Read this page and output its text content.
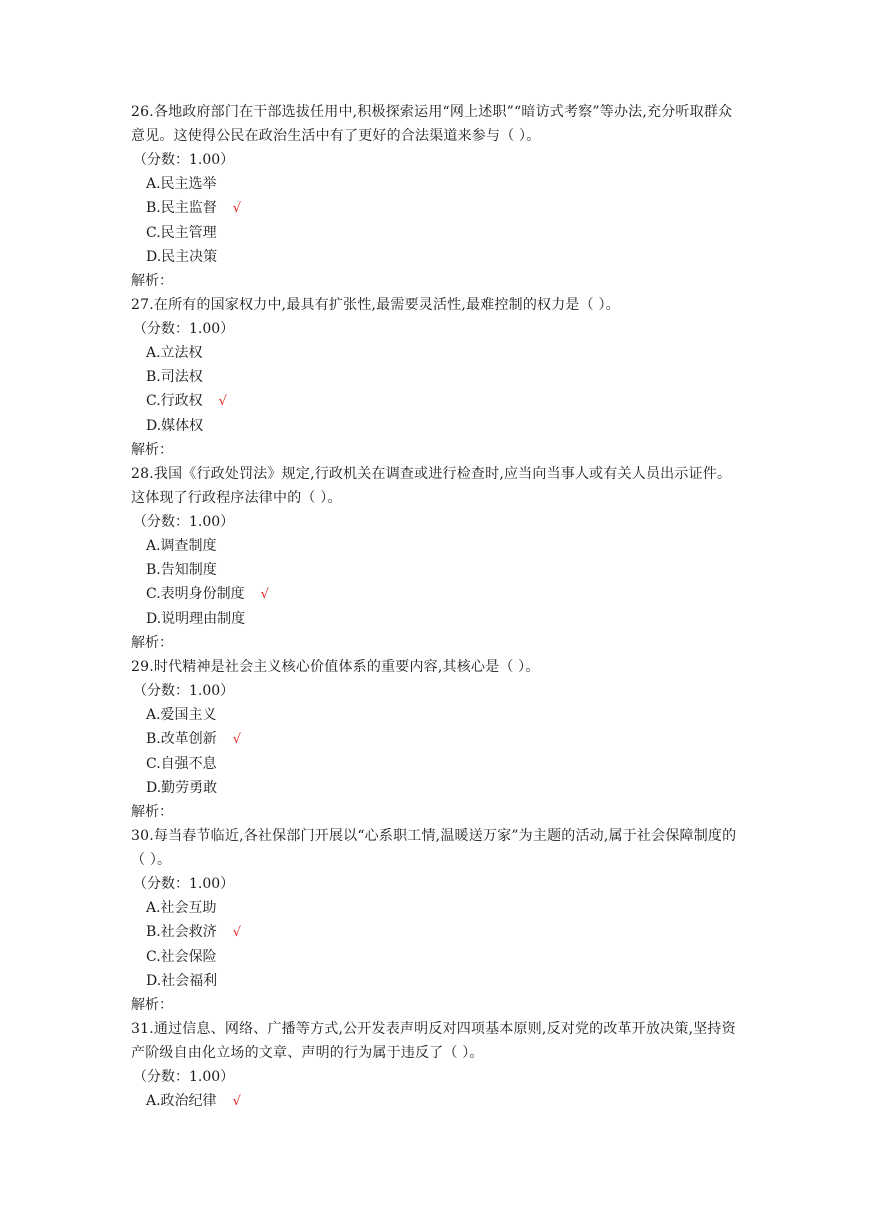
26.各地政府部门在干部选拔任用中,积极探索运用“网上述职”“暗访式考察”等办法,充分听取群众意见。这使得公民在政治生活中有了更好的合法渠道来参与（ ）。

（分数：1.00）

A.民主选举
B.民主监督 √
C.民主管理
D.民主决策

解析：

27.在所有的国家权力中,最具有扩张性,最需要灵活性,最难控制的权力是（ ）。

（分数：1.00）

A.立法权
B.司法权
C.行政权 √
D.媒体权

解析：

28.我国《行政处罚法》规定,行政机关在调查或进行检查时,应当向当事人或有关人员出示证件。这体现了行政程序法律中的（ ）。

（分数：1.00）

A.调查制度
B.告知制度
C.表明身份制度 √
D.说明理由制度

解析：

29.时代精神是社会主义核心价值体系的重要内容,其核心是（ ）。

（分数：1.00）

A.爱国主义
B.改革创新 √
C.自强不息
D.勤劳勇敢

解析：

30.每当春节临近,各社保部门开展以“心系职工情,温暖送万家”为主题的活动,属于社会保障制度的（ ）。

（分数：1.00）

A.社会互助
B.社会救济 √
C.社会保险
D.社会福利

解析：

31.通过信息、网络、广播等方式,公开发表声明反对四项基本原则,反对党的改革开放决策,坚持资产阶级自由化立场的文章、声明的行为属于违反了（ ）。

（分数：1.00）

A.政治纪律 √
